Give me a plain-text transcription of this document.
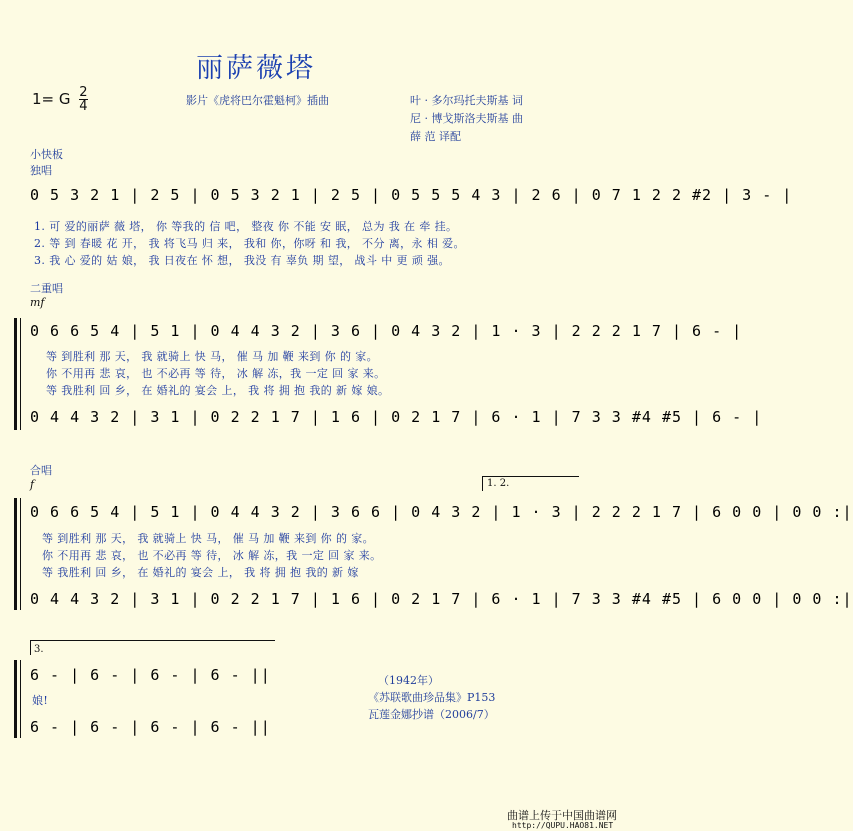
丽萨薇塔
1= G $\frac{2}{4}$	影片《虎将巴尔霍魁柯》插曲	叶 · 多尔玛托夫斯基 词
尼 · 博戈斯洛夫斯基 曲
薛 范 译配
小快板
独唱
0 5 3 2 1 | 2 5 | 0 5 3 2 1 | 2 5 | 0 5 5 5 4 3 | 2 6 | 0 7 1 2 2 #2 | 3 - |
1. 可 爱的丽萨 薇 塔， 你 等我的 信 吧， 整夜 你 不能 安 眠， 总为 我 在 牵 挂。
2. 等 到 春暖 花 开， 我 将飞马 归 来， 我和 你，你呀 和 我， 不分 离，永 相 爱。
3. 我 心 爱的 姑 娘， 我 日夜在 怀 想， 我没 有 辜负 期 望， 战斗 中 更 顽 强。
二重唱
mf
0 6 6 5 4 | 5 1 | 0 4 4 3 2 | 3 6 | 0 4 3 2 | 1 · 3 | 2 2 2 1 7 | 6 - |
等 到胜利 那 天， 我 就骑上 快 马， 催 马 加 鞭 来到 你 的 家。
你 不用再 悲 哀， 也 不必再 等 待， 冰 解 冻，我 一定 回 家 来。
等 我胜利 回 乡， 在 婚礼的 宴会 上， 我 将 拥 抱 我的 新 嫁 娘。
0 4 4 3 2 | 3 1 | 0 2 2 1 7 | 1 6 | 0 2 1 7 | 6 · 1 | 7 3 3 #4 #5 | 6 - |
合唱
f	1. 2.
0 6 6 5 4 | 5 1 | 0 4 4 3 2 | 3 6 6 | 0 4 3 2 | 1 · 3 | 2 2 2 1 7 | 6 0 0 | 0 0 :|
等 到胜利 那 天， 我 就骑上 快 马， 催 马 加 鞭 来到 你 的 家。
你 不用再 悲 哀， 也 不必再 等 待， 冰 解 冻，我 一定 回 家 来。
等 我胜利 回 乡， 在 婚礼的 宴会 上， 我 将 拥 抱 我的 新 嫁
0 4 4 3 2 | 3 1 | 0 2 2 1 7 | 1 6 | 0 2 1 7 | 6 · 1 | 7 3 3 #4 #5 | 6 0 0 | 0 0 :|
3.
6 - | 6 - | 6 - | 6 - ||
娘!
6 - | 6 - | 6 - | 6 - ||
（1942年）
《苏联歌曲珍品集》P153
瓦莲金娜抄谱（2006/7）
曲谱上传于中国曲谱网
http://QUPU.HAO81.NET
